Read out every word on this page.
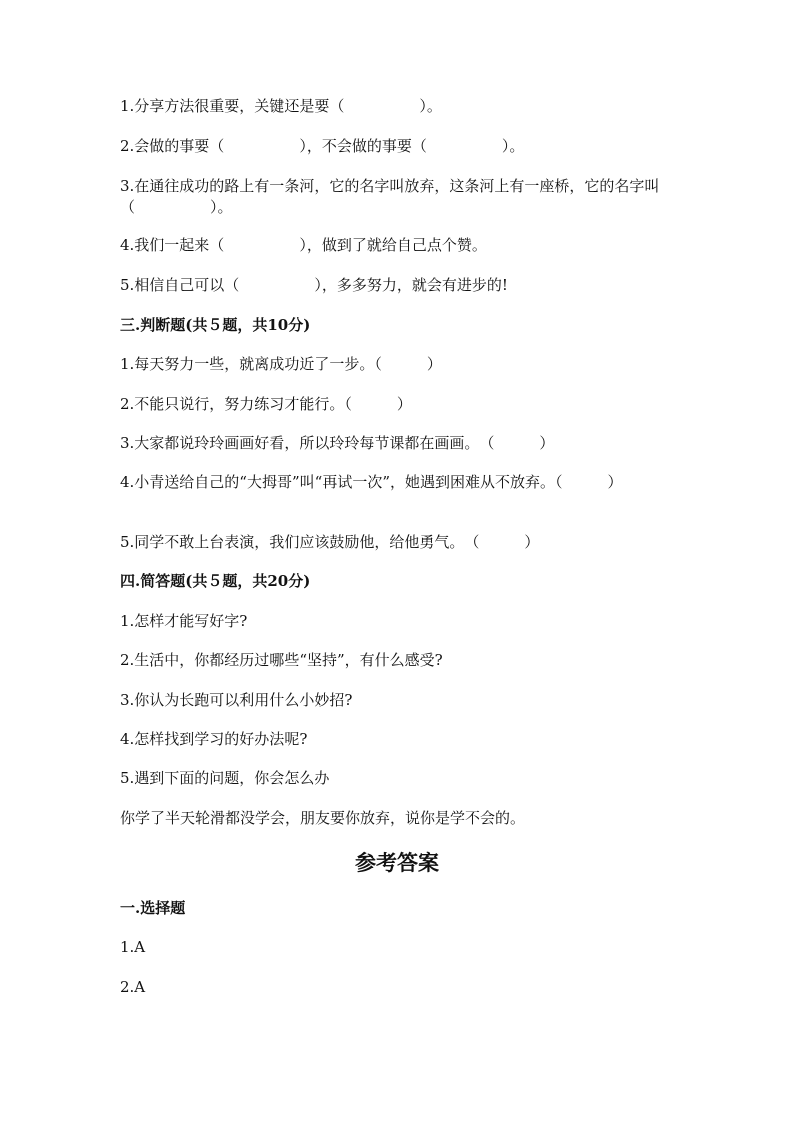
1.分享方法很重要，关键还是要（　　　　　）。
2.会做的事要（　　　　　），不会做的事要（　　　　　）。
3.在通往成功的路上有一条河，它的名字叫放弃，这条河上有一座桥，它的名字叫（　　　　　）。
4.我们一起来（　　　　　），做到了就给自己点个赞。
5.相信自己可以（　　　　　），多多努力，就会有进步的!
三.判断题(共５题，共10分)
1.每天努力一些，就离成功近了一步。（　　　）
2.不能只说行，努力练习才能行。（　　　）
3.大家都说玲玲画画好看，所以玲玲每节课都在画画。　（　　　）
4.小青送给自己的“大拇哥”叫“再试一次”，她遇到困难从不放弃。（　　　）
5.同学不敢上台表演，我们应该鼓励他，给他勇气。　（　　　）
四.简答题(共５题，共20分)
1.怎样才能写好字?
2.生活中，你都经历过哪些“坚持”，有什么感受?
3.你认为长跑可以利用什么小妙招?
4.怎样找到学习的好办法呢?
5.遇到下面的问题，你会怎么办
你学了半天轮滑都没学会，朋友要你放弃，说你是学不会的。
参考答案
一.选择题
1.A
2.A
